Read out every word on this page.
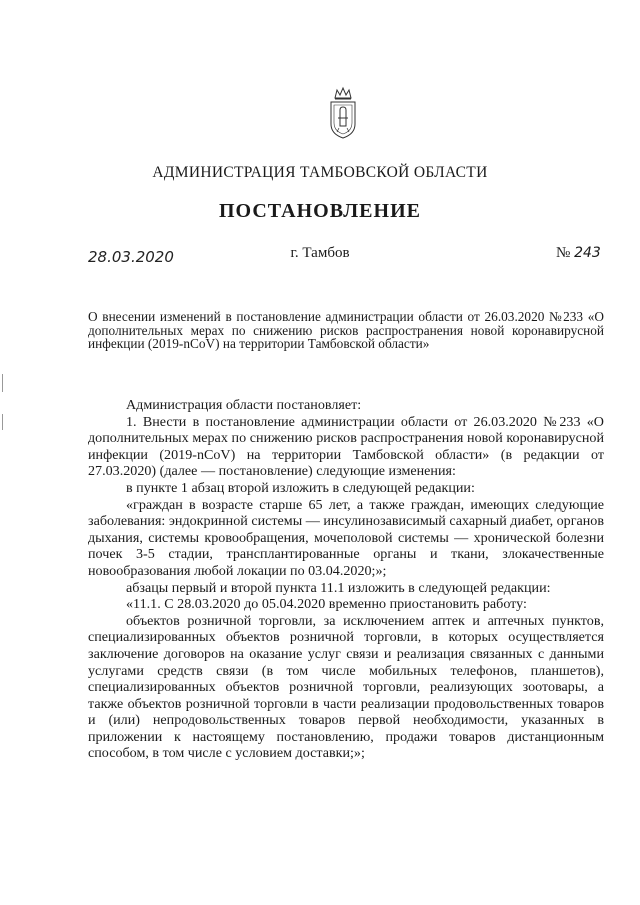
АДМИНИСТРАЦИЯ ТАМБОВСКОЙ ОБЛАСТИ
ПОСТАНОВЛЕНИЕ
28.03.2020	г. Тамбов	№ 243
О внесении изменений в постановление администрации области от 26.03.2020 №233 «О дополнительных мерах по снижению рисков распространения новой коронавирусной инфекции (2019-nCoV) на территории Тамбовской области»

Администрация области постановляет:

1. Внести в постановление администрации области от 26.03.2020 №233 «О дополнительных мерах по снижению рисков распространения новой коронавирусной инфекции (2019-nCoV) на территории Тамбовской области» (в редакции от 27.03.2020) (далее — постановление) следующие изменения:

в пункте 1 абзац второй изложить в следующей редакции:

«граждан в возрасте старше 65 лет, а также граждан, имеющих следующие заболевания: эндокринной системы — инсулинозависимый сахарный диабет, органов дыхания, системы кровообращения, мочеполовой системы — хронической болезни почек 3-5 стадии, трансплантированные органы и ткани, злокачественные новообразования любой локации по 03.04.2020;»;

абзацы первый и второй пункта 11.1 изложить в следующей редакции:

«11.1. С 28.03.2020 до 05.04.2020 временно приостановить работу:

объектов розничной торговли, за исключением аптек и аптечных пунктов, специализированных объектов розничной торговли, в которых осуществляется заключение договоров на оказание услуг связи и реализация связанных с данными услугами средств связи (в том числе мобильных телефонов, планшетов), специализированных объектов розничной торговли, реализующих зоотовары, а также объектов розничной торговли в части реализации продовольственных товаров и (или) непродовольственных товаров первой необходимости, указанных в приложении к настоящему постановлению, продажи товаров дистанционным способом, в том числе с условием доставки;»;
